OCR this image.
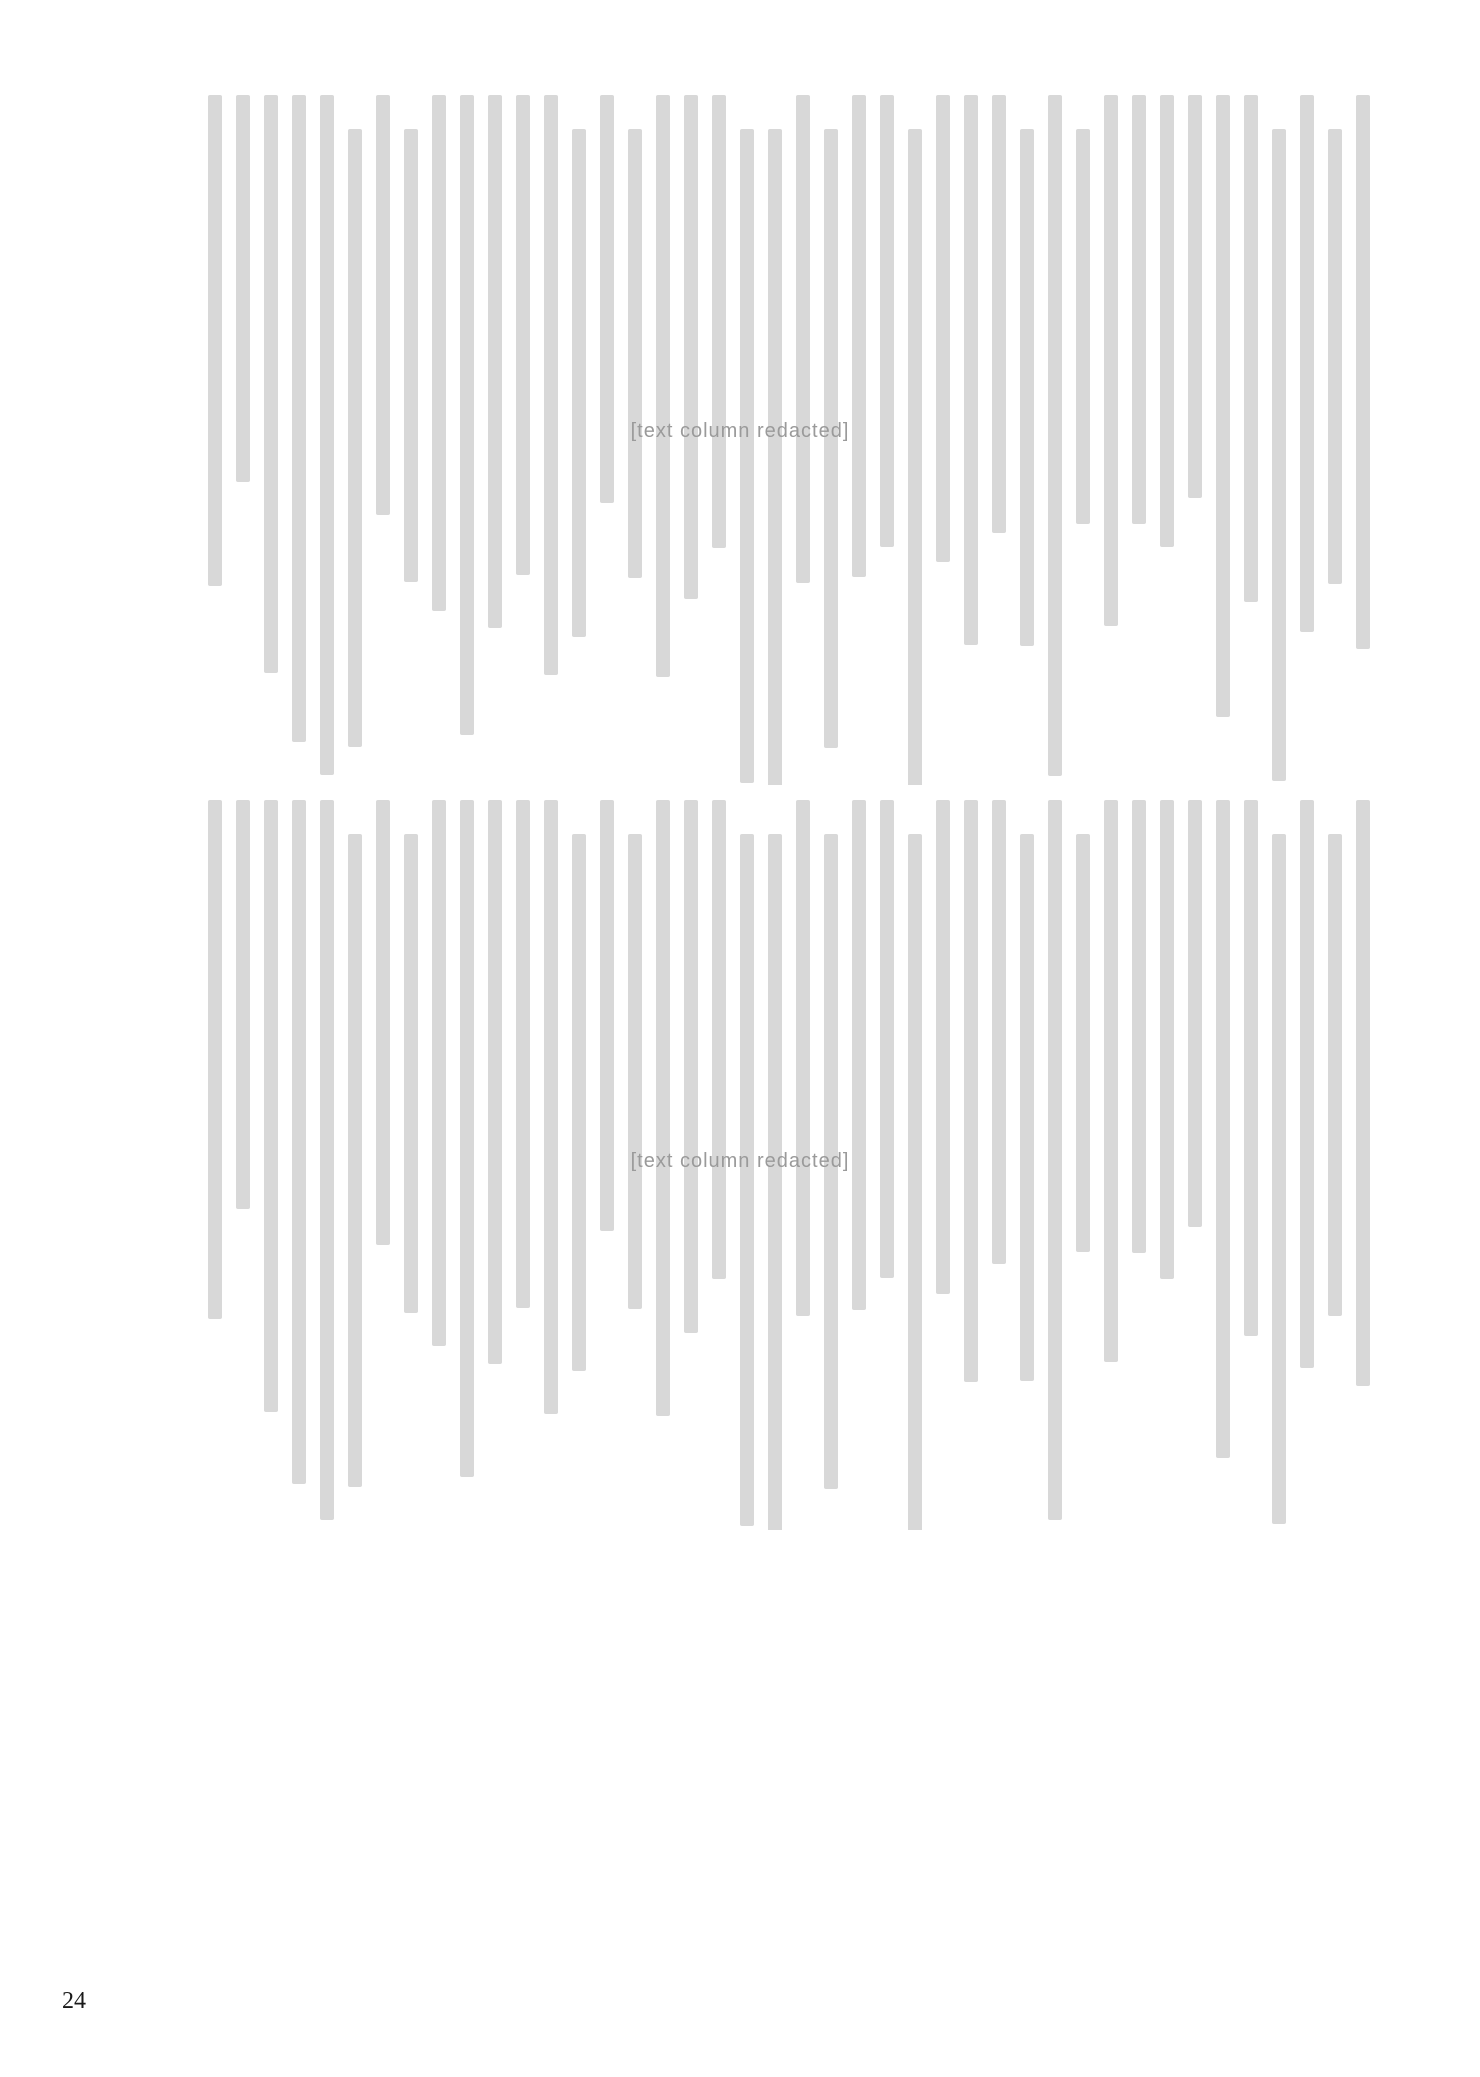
[text column redacted]
[text column redacted]
24
